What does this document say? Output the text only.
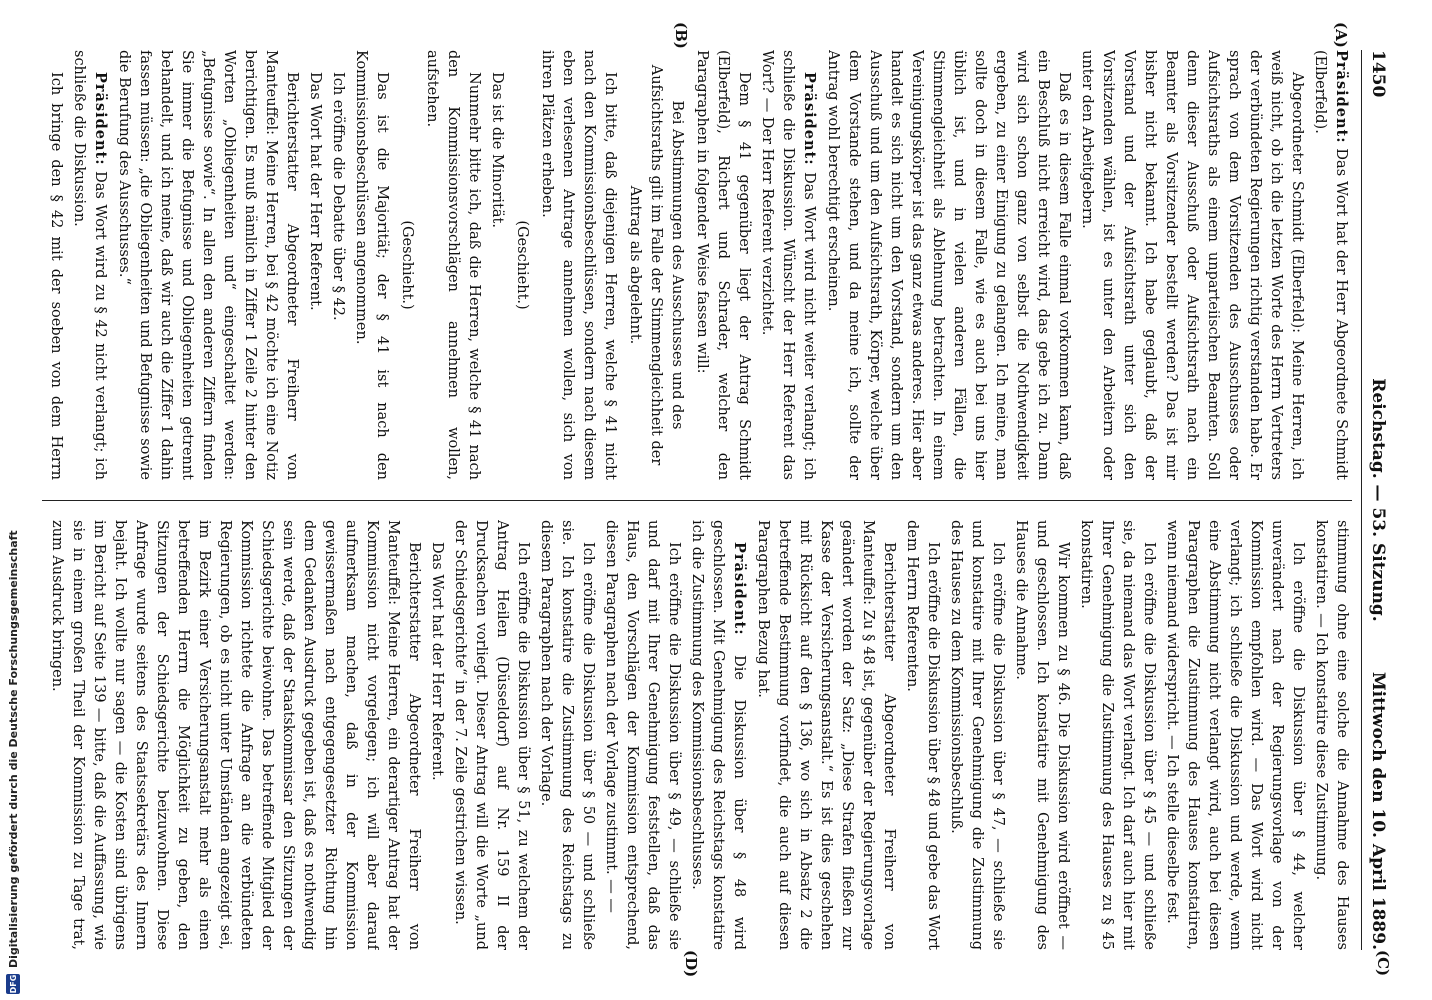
1450
Reichstag. — 53. Sitzung.
Mittwoch den 10. April 1889.
(A)
(B)
(C)
(D)

Präsident: Das Wort hat der Herr Abgeordnete Schmidt (Elberfeld).

Abgeordneter Schmidt (Elberfeld): Meine Herren, ich weiß nicht, ob ich die letzten Worte des Herrn Vertreters der verbündeten Regierungen richtig verstanden habe. Er sprach von dem Vorsitzenden des Ausschusses oder Aufsichtsraths als einem unparteiischen Beamten. Soll denn dieser Ausschuß oder Aufsichtsrath nach ein Beamter als Vorsitzender bestellt werden? Das ist mir bisher nicht bekannt. Ich habe geglaubt, daß der Vorstand und der Aufsichtsrath unter sich den Vorsitzenden wählen, ist es unter den Arbeitern oder unter den Arbeitgebern.

Daß es in diesem Falle einmal vorkommen kann, daß ein Beschluß nicht erreicht wird, das gebe ich zu. Dann wird sich schon ganz von selbst die Nothwendigkeit ergeben, zu einer Einigung zu gelangen. Ich meine, man sollte doch in diesem Falle, wie es auch bei uns hier üblich ist, und in vielen anderen Fällen, die Stimmengleichheit als Ablehnung betrachten. In einem Vereinigungskörper ist das ganz etwas anderes. Hier aber handelt es sich nicht um den Vorstand, sondern um den Ausschuß und um den Aufsichtsrath, Körper, welche über dem Vorstande stehen, und da meine ich, sollte der Antrag wohl berechtigt erscheinen.

Präsident: Das Wort wird nicht weiter verlangt; ich schließe die Diskussion. Wünscht der Herr Referent das Wort? — Der Herr Referent verzichtet.

Dem § 41 gegenüber liegt der Antrag Schmidt (Elberfeld), Richert und Schrader, welcher den Paragraphen in folgender Weise fassen will:

Bei Abstimmungen des Ausschusses und des Aufsichtsraths gilt im Falle der Stimmengleichheit der Antrag als abgelehnt.

Ich bitte, daß diejenigen Herren, welche § 41 nicht nach den Kommissionsbeschlüssen, sondern nach diesem eben verlesenen Antrage annehmen wollen, sich von ihren Plätzen erheben.

(Geschieht.)

Das ist die Minorität.

Nunmehr bitte ich, daß die Herren, welche § 41 nach den Kommissionsvorschlägen annehmen wollen, aufstehen.

(Geschieht.)

Das ist die Majorität; der § 41 ist nach den Kommissionsbeschlüssen angenommen.

Ich eröffne die Debatte über § 42.

Das Wort hat der Herr Referent.

Berichterstatter Abgeordneter Freiherr von Manteuffel: Meine Herren, bei § 42 möchte ich eine Notiz berichtigen. Es muß nämlich in Ziffer 1 Zeile 2 hinter den Worten „Obliegenheiten und“ eingeschaltet werden: „Befugnisse sowie“. In allen den anderen Ziffern finden Sie immer die Befugnisse und Obliegenheiten getrennt behandelt, und ich meine, daß wir auch die Ziffer 1 dahin fassen müssen: „die Obliegenheiten und Befugnisse sowie die Berufung des Ausschusses.“

Präsident: Das Wort wird zu § 42 nicht verlangt; ich schließe die Diskussion.

Ich bringe den § 42 mit der soeben von dem Herrn

stimmung ohne eine solche die Annahme des Hauses konstatiren. — Ich konstatire diese Zustimmung.

Ich eröffne die Diskussion über § 44, welcher unverändert nach der Regierungsvorlage von der Kommission empfohlen wird. — Das Wort wird nicht verlangt; ich schließe die Diskussion und werde, wenn eine Abstimmung nicht verlangt wird, auch bei diesen Paragraphen die Zustimmung des Hauses konstatiren, wenn niemand widerspricht. — Ich stelle dieselbe fest.

Ich eröffne die Diskussion über § 45 — und schließe sie, da niemand das Wort verlangt. Ich darf auch hier mit Ihrer Genehmigung die Zustimmung des Hauses zu § 45 konstatiren.

Wir kommen zu § 46. Die Diskussion wird eröffnet — und geschlossen. Ich konstatire mit Genehmigung des Hauses die Annahme.

Ich eröffne die Diskussion über § 47, — schließe sie und konstatire mit Ihrer Genehmigung die Zustimmung des Hauses zu dem Kommissionsbeschluß.

Ich eröffne die Diskussion über § 48 und gebe das Wort dem Herrn Referenten.

Berichterstatter Abgeordneter Freiherr von Manteuffel: Zu § 48 ist, gegenüber der Regierungsvorlage geändert worden der Satz: „Diese Strafen fließen zur Kasse der Versicherungsanstalt.“ Es ist dies geschehen mit Rücksicht auf den § 136, wo sich in Absatz 2 die betreffende Bestimmung vorfindet, die auch auf diesen Paragraphen Bezug hat.

Präsident: Die Diskussion über § 48 wird geschlossen. Mit Genehmigung des Reichstags konstatire ich die Zustimmung des Kommissionsbeschlusses.

Ich eröffne die Diskussion über § 49, — schließe sie und darf mit Ihrer Genehmigung feststellen, daß das Haus, den Vorschlägen der Kommission entsprechend, diesen Paragraphen nach der Vorlage zustimmt. — —

Ich eröffne die Diskussion über § 50 — und schließe sie. Ich konstatire die Zustimmung des Reichstags zu diesem Paragraphen nach der Vorlage.

Ich eröffne die Diskussion über § 51, zu welchem der Antrag Heilen (Düsseldorf) auf Nr. 159 II der Drucksachen vorliegt. Dieser Antrag will die Worte „und der Schiedsgerichte“ in der 7. Zeile gestrichen wissen.

Das Wort hat der Herr Referent.

Berichterstatter Abgeordneter Freiherr von Manteuffel: Meine Herren, ein derartiger Antrag hat der Kommission nicht vorgelegen; ich will aber darauf aufmerksam machen, daß in der Kommission gewissermaßen nach entgegengesetzter Richtung hin dem Gedanken Ausdruck gegeben ist, daß es nothwendig sein werde, daß der Staatskommissar den Sitzungen der Schiedsgerichte beiwohne. Das betreffende Mitglied der Kommission richtete die Anfrage an die verbündeten Regierungen, ob es nicht unter Umständen angezeigt sei, im Bezirk einer Versicherungsanstalt mehr als einen betreffenden Herrn die Möglichkeit zu geben, den Sitzungen der Schiedsgerichte beizuwohnen. Diese Anfrage wurde seitens des Staatssekretärs des Innern bejaht. Ich wollte nur sagen — die Kosten sind übrigens im Bericht auf Seite 139 — bitte, daß die Auffassung, wie sie in einem großen Theil der Kommission zu Tage trat, zum Ausdruck bringen.

DFG
Digitalisierung gefördert durch die Deutsche Forschungsgemeinschaft
